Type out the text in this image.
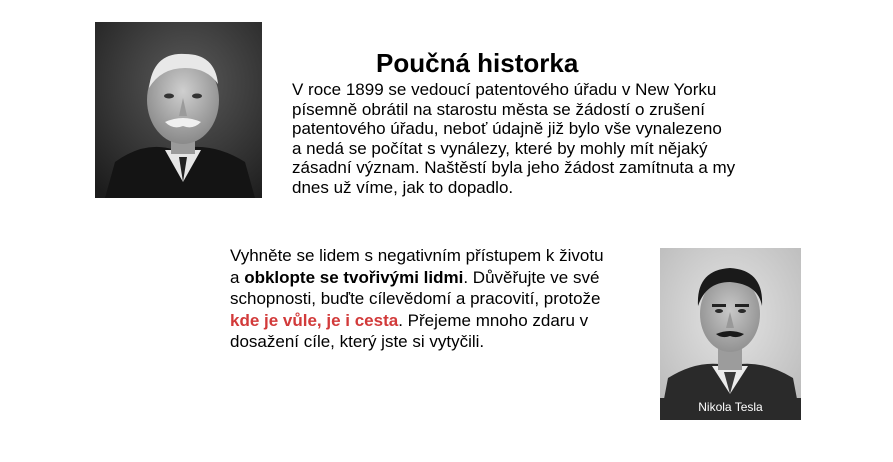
Poučná historka
V roce 1899 se vedoucí patentového úřadu v New Yorku
písemně obrátil na starostu města se žádostí o zrušení
patentového úřadu, neboť údajně již bylo vše vynalezeno
a nedá se počítat s vynálezy, které by mohly mít nějaký
zásadní význam. Naštěstí byla jeho žádost zamítnuta a my
dnes už víme, jak to dopadlo.
Vyhněte se lidem s negativním přístupem k životu
a obklopte se tvořivými lidmi. Důvěřujte ve své
schopnosti, buďte cílevědomí a pracovití, protože
kde je vůle, je i cesta. Přejeme mnoho zdaru v
dosažení cíle, který jste si vytyčili.
Nikola Tesla
